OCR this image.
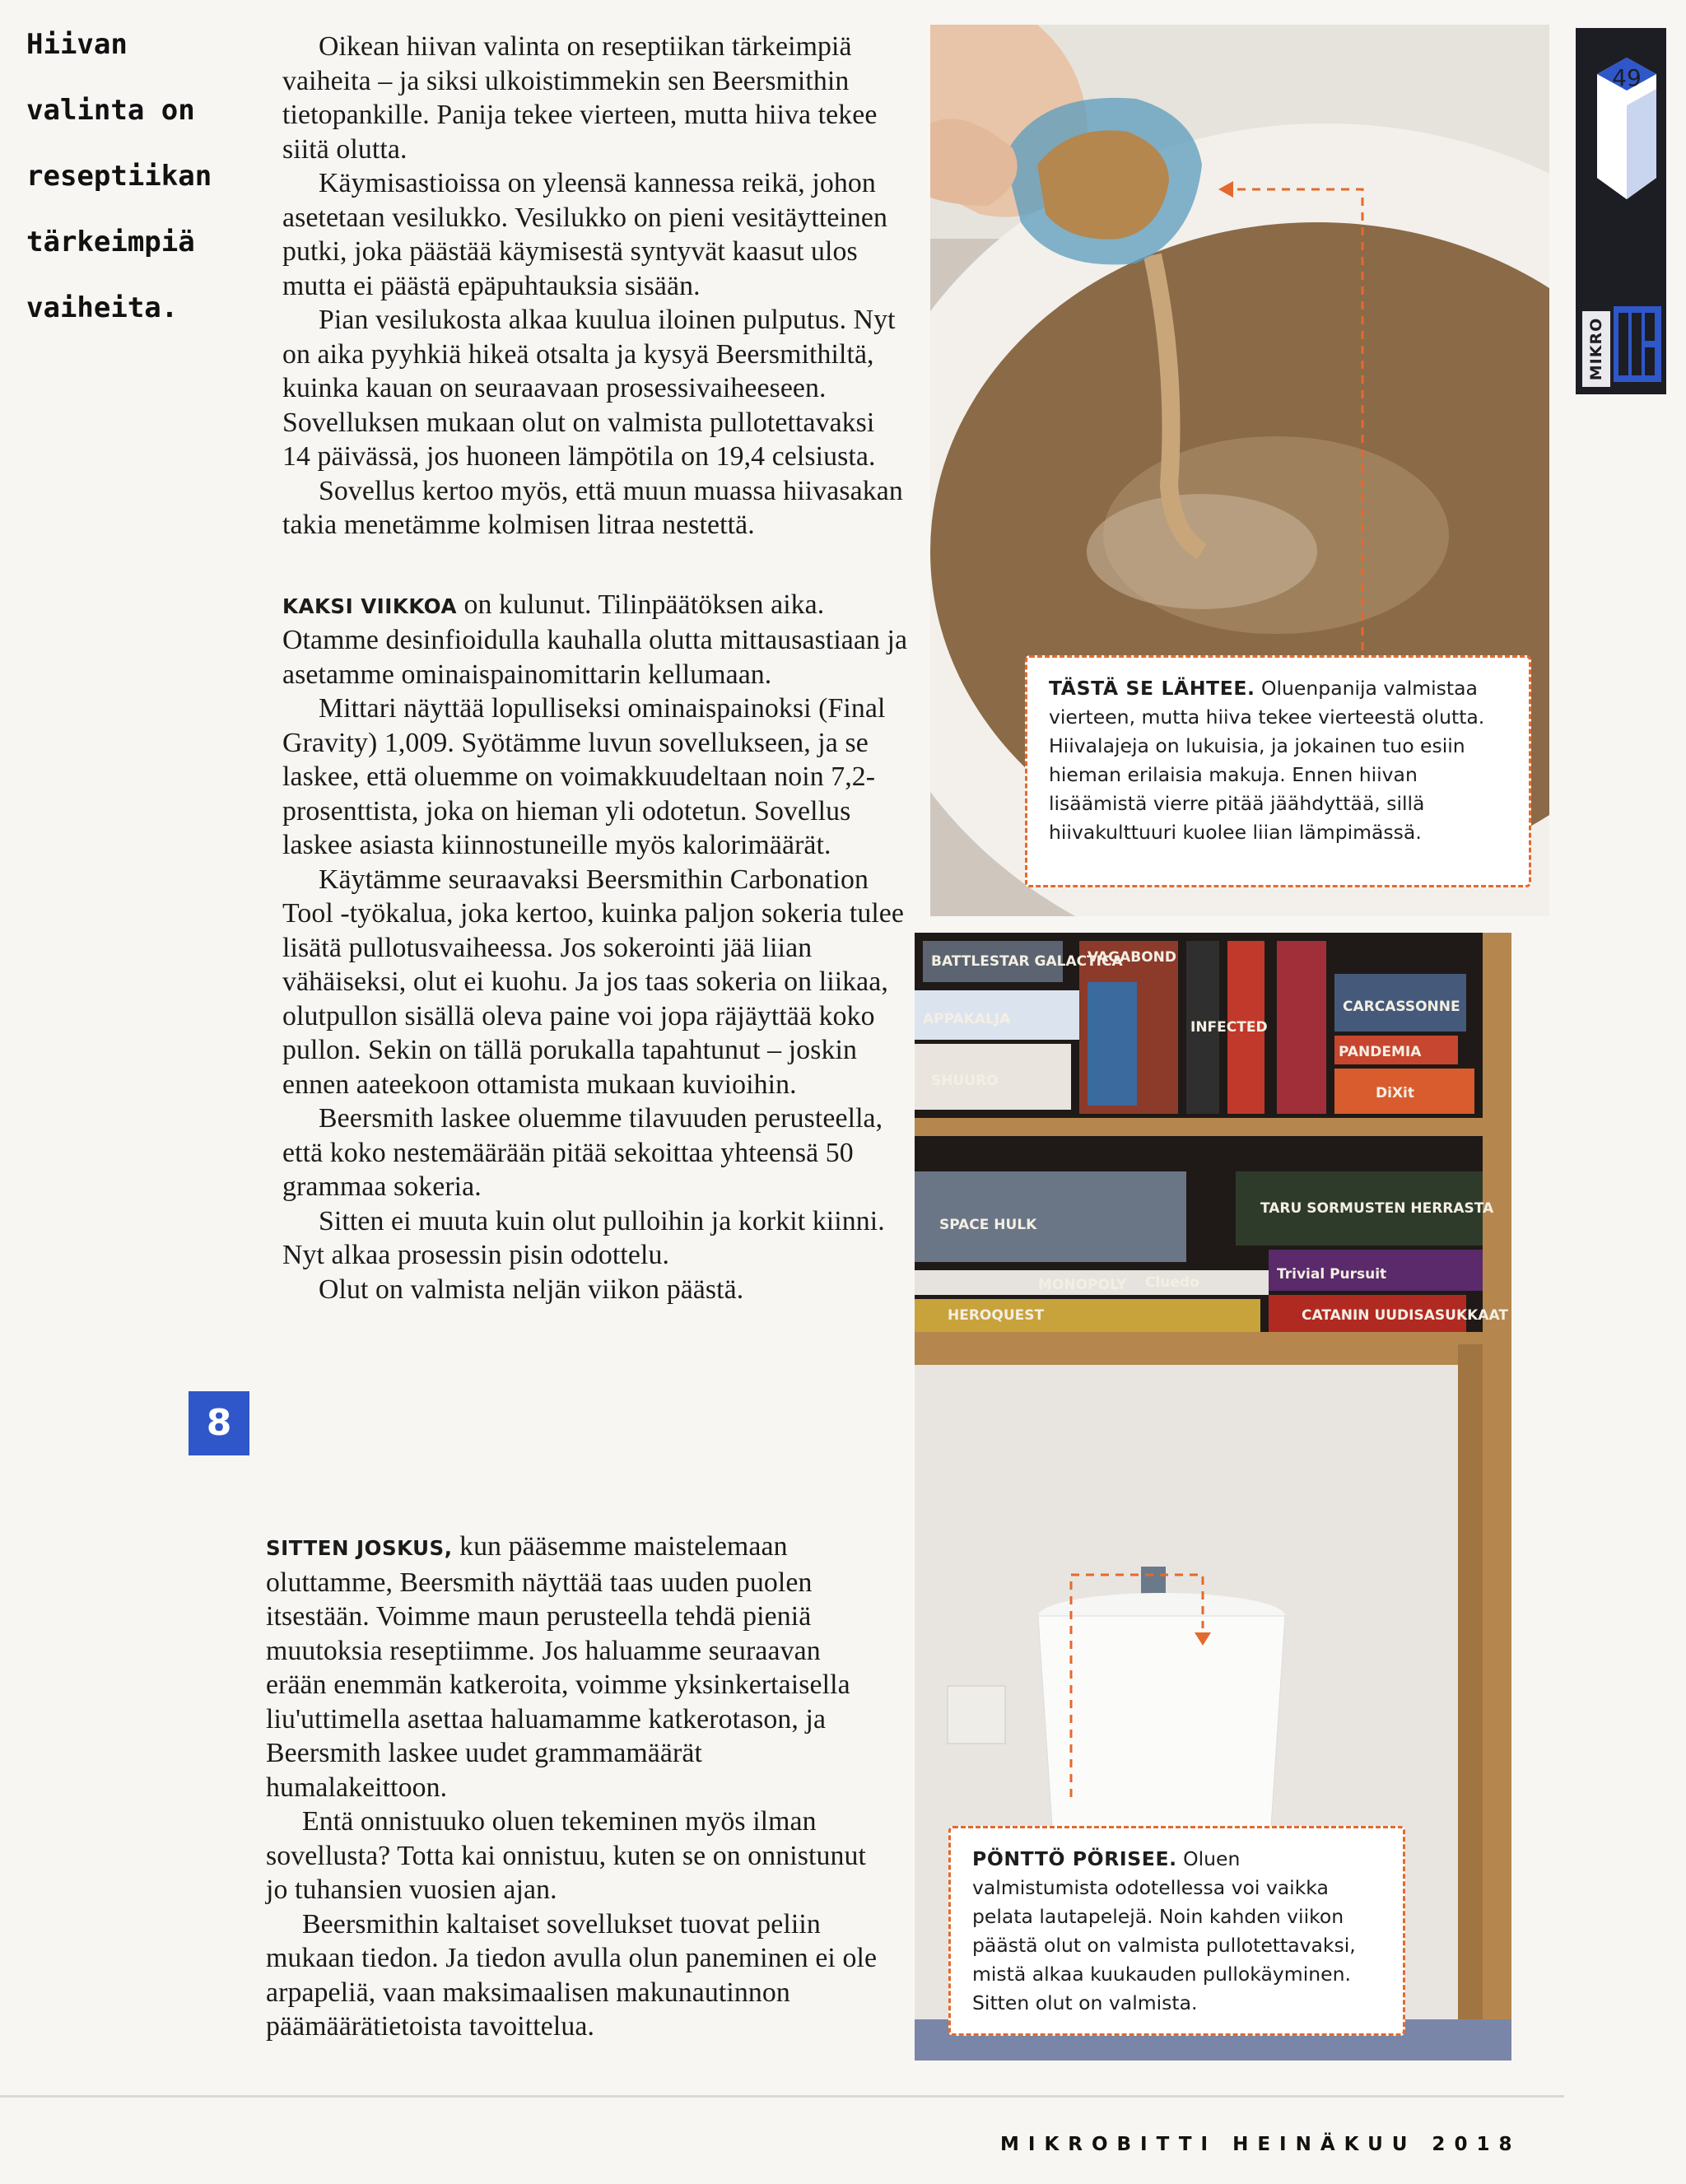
Hiivan
valinta on
reseptiikan
tärkeimpiä
vaiheita.

Oikean hiivan valinta on reseptiikan tärkeimpiä vaiheita – ja siksi ulkoistimmekin sen Beersmithin tietopankille. Panija tekee vierteen, mutta hiiva tekee siitä olutta.

Käymisastioissa on yleensä kannessa reikä, johon asetetaan vesilukko. Vesilukko on pieni vesitäytteinen putki, joka päästää käymisestä syntyvät kaasut ulos mutta ei päästä epäpuhtauksia sisään.

Pian vesilukosta alkaa kuulua iloinen pulputus. Nyt on aika pyyhkiä hikeä otsalta ja kysyä Beersmithiltä, kuinka kauan on seuraavaan prosessivaiheeseen. Sovelluksen mukaan olut on valmista pullotettavaksi 14 päivässä, jos huoneen lämpötila on 19,4 celsiusta.

Sovellus kertoo myös, että muun muassa hiivasakan takia menetämme kolmisen litraa nestettä.

KAKSI VIIKKOA on kulunut. Tilinpäätöksen aika. Otamme desinfioidulla kauhalla olutta mittausastiaan ja asetamme ominaispainomittarin kellumaan.

Mittari näyttää lopulliseksi ominaispainoksi (Final Gravity) 1,009. Syötämme luvun sovellukseen, ja se laskee, että oluemme on voimakkuudeltaan noin 7,2-prosenttista, joka on hieman yli odotetun. Sovellus laskee asiasta kiinnostuneille myös kalorimäärät.

Käytämme seuraavaksi Beersmithin Carbonation Tool -työkalua, joka kertoo, kuinka paljon sokeria tulee lisätä pullotusvaiheessa. Jos sokerointi jää liian vähäiseksi, olut ei kuohu. Ja jos taas sokeria on liikaa, olutpullon sisällä oleva paine voi jopa räjäyttää koko pullon. Sekin on tällä porukalla tapahtunut – joskin ennen aateekoon ottamista mukaan kuvioihin.

Beersmith laskee oluemme tilavuuden perusteella, että koko nestemäärään pitää sekoittaa yhteensä 50 grammaa sokeria.

Sitten ei muuta kuin olut pulloihin ja korkit kiinni. Nyt alkaa prosessin pisin odottelu.

Olut on valmista neljän viikon päästä.

8

SITTEN JOSKUS, kun pääsemme maistelemaan oluttamme, Beersmith näyttää taas uuden puolen itsestään. Voimme maun perusteella tehdä pieniä muutoksia reseptiimme. Jos haluamme seuraavan erään enemmän katkeroita, voimme yksinkertaisella liu'uttimella asettaa haluamamme katkerotason, ja Beersmith laskee uudet grammamäärät humalakeittoon.

Entä onnistuuko oluen tekeminen myös ilman sovellusta? Totta kai onnistuu, kuten se on onnistunut jo tuhansien vuosien ajan.

Beersmithin kaltaiset sovellukset tuovat peliin mukaan tiedon. Ja tiedon avulla olun paneminen ei ole arpapeliä, vaan maksimaalisen makunautinnon päämäärätietoista tavoittelua.

49
MIKRO
TÄSTÄ SE LÄHTEE. Oluenpanija valmistaa vierteen, mutta hiiva tekee vierteestä olutta. Hiivalajeja on lukuisia, ja jokainen tuo esiin hieman erilaisia makuja. Ennen hiivan lisäämistä vierre pitää jäähdyttää, sillä hiivakulttuuri kuolee liian lämpimässä.
BATTLESTAR GALACTICA
VAGABOND
APPAKALJA
SHUURO
INFECTED
CARCASSONNE
PANDEMIA
DiXit
SPACE HULK
TARU SORMUSTEN HERRASTA
Cluedo
MONOPOLY
Trivial Pursuit
HEROQUEST	CATANIN UUDISASUKKAAT
PÖNTTÖ PÖRISEE. Oluen valmistumista odotellessa voi vaikka pelata lautapelejä. Noin kahden viikon päästä olut on valmista pullotettavaksi, mistä alkaa kuukauden pullokäyminen. Sitten olut on valmista.
MIKROBITTI HEINÄKUU 2018
